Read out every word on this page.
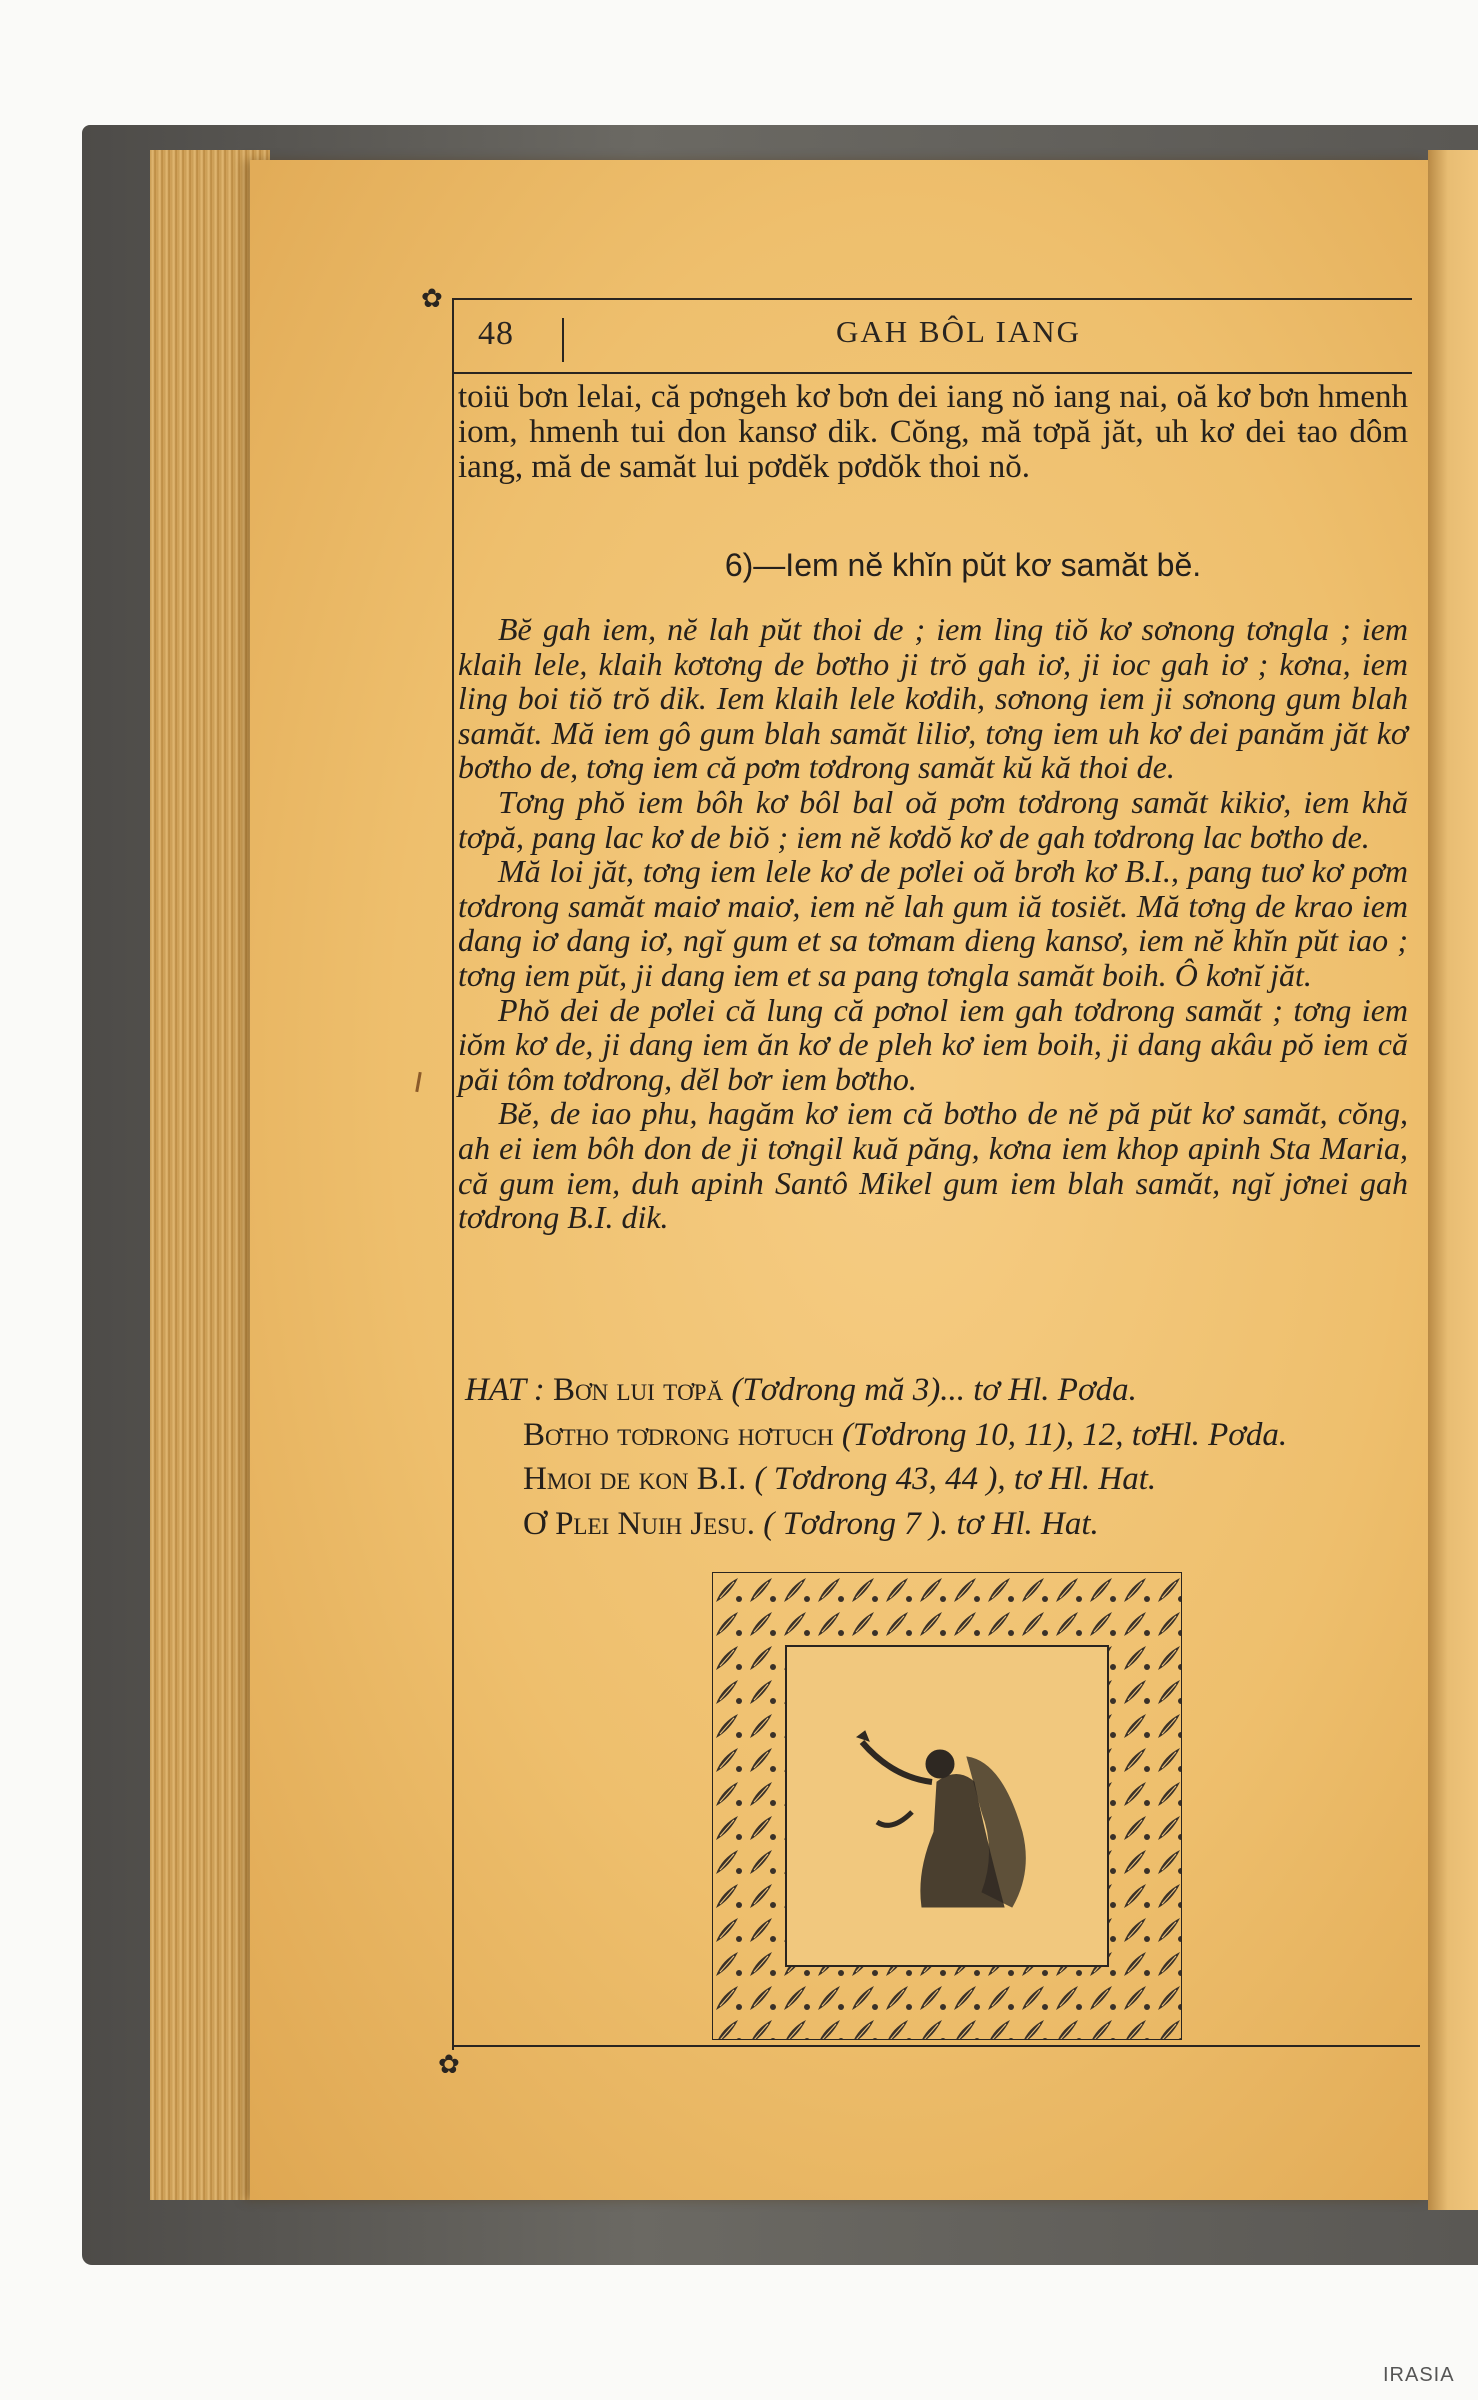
✿
✿
48	GAH BÔL IANG
toiü bơn lelai, că pơngeh kơ bơn dei iang nŏ iang nai, oă kơ bơn hmenh iom, hmenh tui don kansơ dik. Cŏng, mă tơpă jăt, uh kơ dei ŧao dôm iang, mă de samăt lui pơdĕk pơdŏk thoi nŏ.
6)—Iem nĕ khĭn pŭt kơ samăt bĕ.

Bĕ gah iem, nĕ lah pŭt thoi de ; iem ling tiŏ kơ sơnong tơngla ; iem klaih lele, klaih kơtơng de bơtho ji trŏ gah iơ, ji ioc gah iơ ; kơna, iem ling boi tiŏ trŏ dik. Iem klaih lele kơdih, sơnong iem ji sơnong gum blah samăt. Mă iem gô gum blah samăt liliơ, tơng iem uh kơ dei panăm jăt kơ bơtho de, tơng iem că pơm tơdrong samăt kŭ kă thoi de.

Tơng phŏ iem bôh kơ bôl bal oă pơm tơdrong samăt kikiơ, iem khă tơpă, pang lac kơ de biŏ ; iem nĕ kơdŏ kơ de gah tơdrong lac bơtho de.

Mă loi jăt, tơng iem lele kơ de pơlei oă brơh kơ B.I., pang tuơ kơ pơm tơdrong samăt maiơ maiơ, iem nĕ lah gum iă tosiĕt. Mă tơng de krao iem dang iơ dang iơ, ngĭ gum et sa tơmam dieng kansơ, iem nĕ khĭn pŭt iao ; tơng iem pŭt, ji dang iem et sa pang tơngla samăt boih. Ô kơnĭ jăt.

Phŏ dei de pơlei că lung că pơnol iem gah tơdrong samăt ; tơng iem iŏm kơ de, ji dang iem ăn kơ de pleh kơ iem boih, ji dang akâu pŏ iem că păi tôm tơdrong, dĕl bơr iem bơtho.

Bĕ, de iao phu, hagăm kơ iem că bơtho de nĕ pă pŭt kơ samăt, cŏng, ah ei iem bôh don de ji tơngil kuă păng, kơna iem khop apinh Sta Maria, că gum iem, duh apinh Santô Mikel gum iem blah samăt, ngĭ jơnei gah tơdrong B.I. dik.

HAT : Bơn lui tơpă (Tơdrong mă 3)... tơ Hl. Pơda.
Bơtho tơdrong hơtuch (Tơdrong 10, 11), 12, tơHl. Pơda.
Hmoi de kon B.I. ( Tơdrong 43, 44 ), tơ Hl. Hat.
Ơ Plei Nuih Jesu. ( Tơdrong 7 ). tơ Hl. Hat.
IRASIA
